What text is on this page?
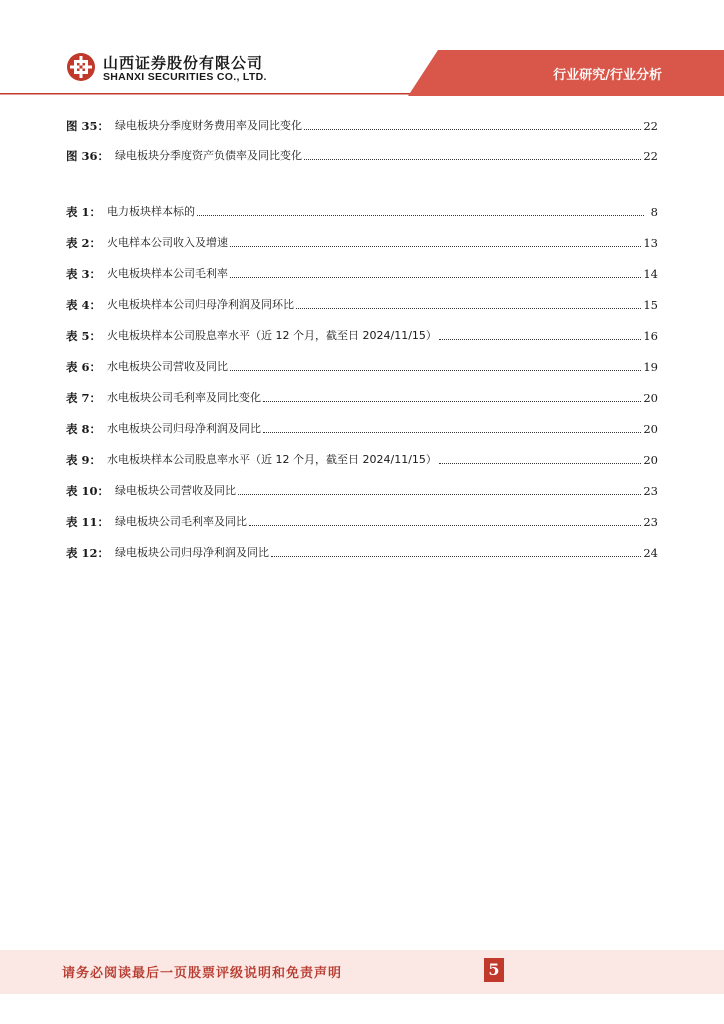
山西证券股份有限公司
SHANXI SECURITIES CO., LTD.	行业研究/行业分析
图 35： 绿电板块分季度财务费用率及同比变化	22
图 36： 绿电板块分季度资产负债率及同比变化	22
表 1： 电力板块样本标的	8
表 2： 火电样本公司收入及增速	13
表 3： 火电板块样本公司毛利率	14
表 4： 火电板块样本公司归母净利润及同环比	15
表 5： 火电板块样本公司股息率水平（近 12 个月，截至日 2024/11/15）	16
表 6： 水电板块公司营收及同比	19
表 7： 水电板块公司毛利率及同比变化	20
表 8： 水电板块公司归母净利润及同比	20
表 9： 水电板块样本公司股息率水平（近 12 个月，截至日 2024/11/15）	20
表 10： 绿电板块公司营收及同比	23
表 11： 绿电板块公司毛利率及同比	23
表 12： 绿电板块公司归母净利润及同比	24
请务必阅读最后一页股票评级说明和免责声明	5
